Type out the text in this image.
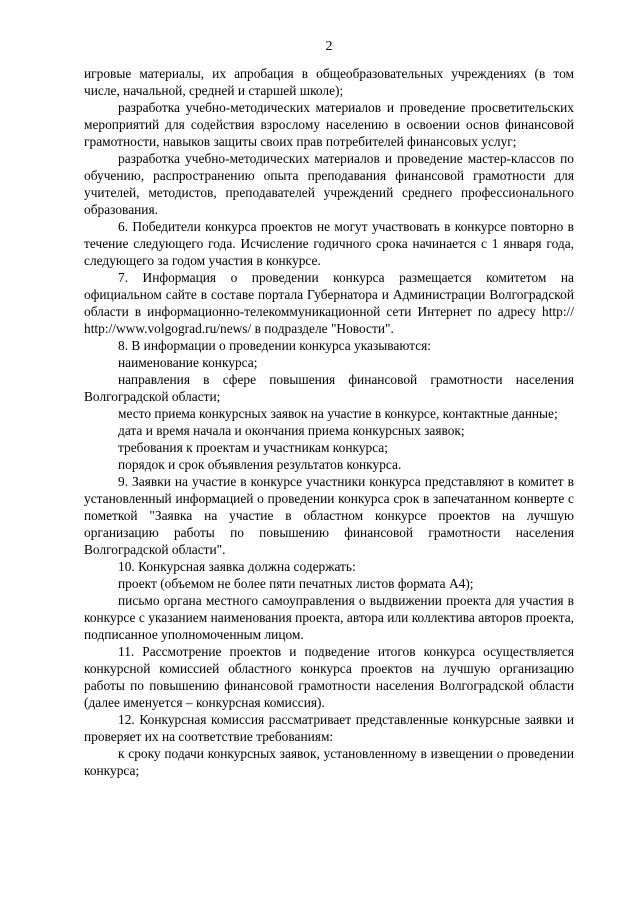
2

игровые материалы, их апробация в общеобразовательных учреждениях (в том числе, начальной, средней и старшей школе);

разработка учебно-методических материалов и проведение просветительских мероприятий для содействия взрослому населению в освоении основ финансовой грамотности, навыков защиты своих прав потребителей финансовых услуг;

разработка учебно-методических материалов и проведение мастер-классов по обучению, распространению опыта преподавания финансовой грамотности для учителей, методистов, преподавателей учреждений среднего профессионального образования.

6. Победители конкурса проектов не могут участвовать в конкурсе повторно в течение следующего года. Исчисление годичного срока начинается с 1 января года, следующего за годом участия в конкурсе.

7. Информация о проведении конкурса размещается комитетом на официальном сайте в составе портала Губернатора и Администрации Волгоградской области в информационно-телекоммуникационной сети Интернет по адресу http:// http://www.volgograd.ru/news/ в подразделе "Новости".

8. В информации о проведении конкурса указываются:

наименование конкурса;

направления в сфере повышения финансовой грамотности населения Волгоградской области;

место приема конкурсных заявок на участие в конкурсе, контактные данные;

дата и время начала и окончания приема конкурсных заявок;

требования к проектам и участникам конкурса;

порядок и срок объявления результатов конкурса.

9. Заявки на участие в конкурсе участники конкурса представляют в комитет в установленный информацией о проведении конкурса срок в запечатанном конверте с пометкой "Заявка на участие в областном конкурсе проектов на лучшую организацию работы по повышению финансовой грамотности населения Волгоградской области".

10. Конкурсная заявка должна содержать:

проект (объемом не более пяти печатных листов формата А4);

письмо органа местного самоуправления о выдвижении проекта для участия в конкурсе с указанием наименования проекта, автора или коллектива авторов проекта, подписанное уполномоченным лицом.

11. Рассмотрение проектов и подведение итогов конкурса осуществляется конкурсной комиссией областного конкурса проектов на лучшую организацию работы по повышению финансовой грамотности населения Волгоградской области (далее именуется – конкурсная комиссия).

12. Конкурсная комиссия рассматривает представленные конкурсные заявки и проверяет их на соответствие требованиям:

к сроку подачи конкурсных заявок, установленному в извещении о проведении конкурса;
